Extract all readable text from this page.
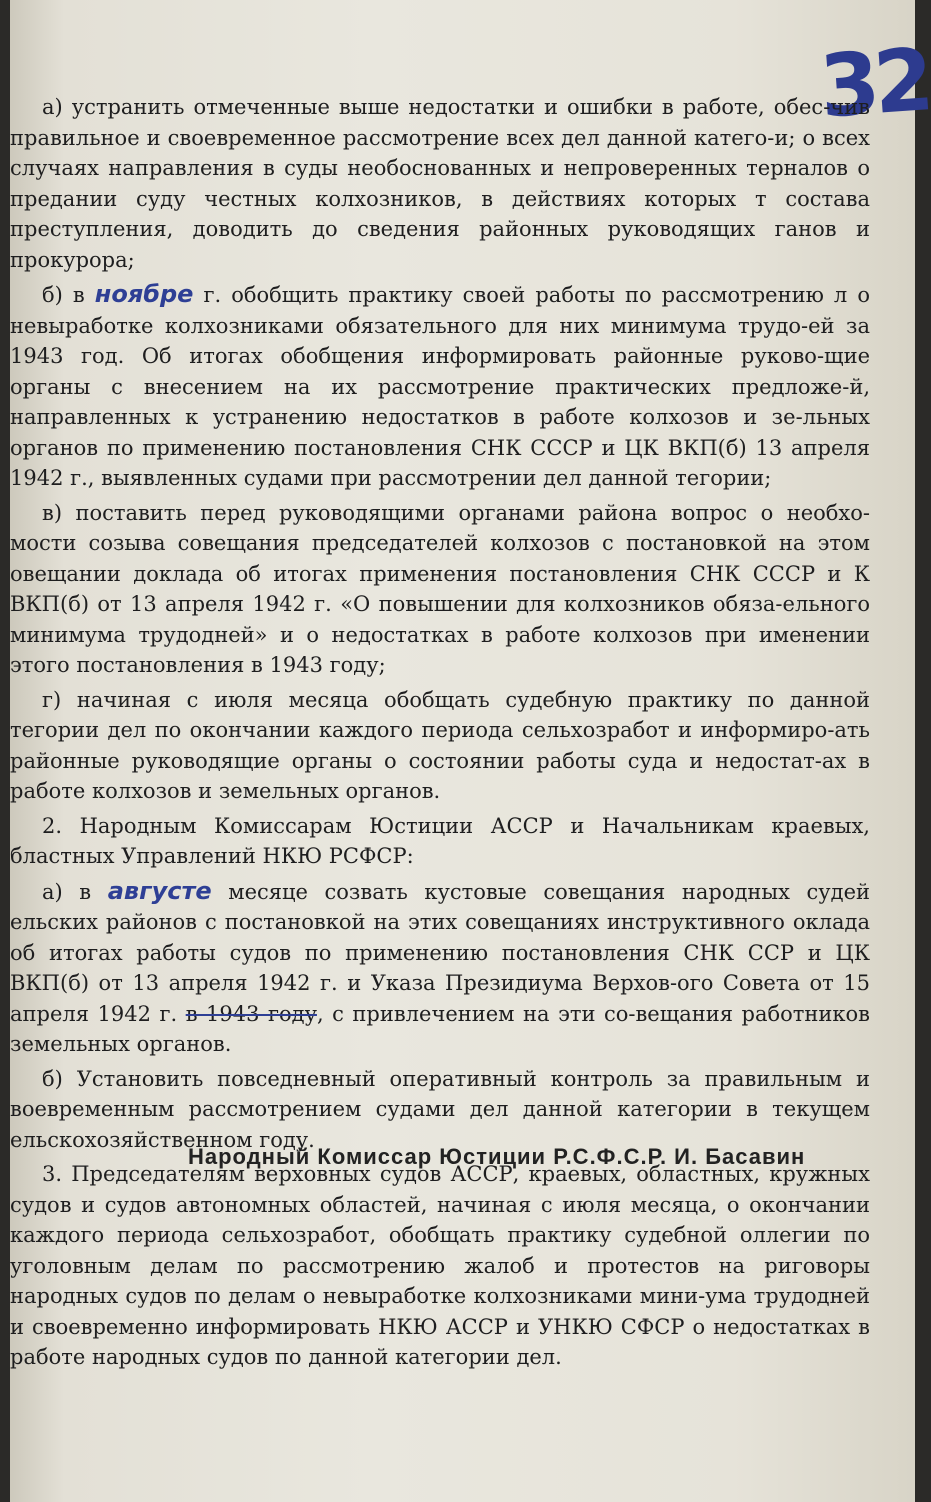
32

а) устранить отмеченные выше недостатки и ошибки в работе, обес-чив правильное и своевременное рассмотрение всех дел данной катего-и; о всех случаях направления в суды необоснованных и непроверенных терналов о предании суду честных колхозников, в действиях которых т состава преступления, доводить до сведения районных руководящих ганов и прокурора;

б) в ноябре г. обобщить практику своей работы по рассмотрению л о невыработке колхозниками обязательного для них минимума трудо-ей за 1943 год. Об итогах обобщения информировать районные руково-щие органы с внесением на их рассмотрение практических предложе-й, направленных к устранению недостатков в работе колхозов и зе-льных органов по применению постановления СНК СССР и ЦК ВКП(б) 13 апреля 1942 г., выявленных судами при рассмотрении дел данной тегории;

в) поставить перед руководящими органами района вопрос о необхо-мости созыва совещания председателей колхозов с постановкой на этом овещании доклада об итогах применения постановления СНК СССР и К ВКП(б) от 13 апреля 1942 г. «О повышении для колхозников обяза-ельного минимума трудодней» и о недостатках в работе колхозов при именении этого постановления в 1943 году;

г) начиная с июля месяца обобщать судебную практику по данной тегории дел по окончании каждого периода сельхозработ и информиро-ать районные руководящие органы о состоянии работы суда и недостат-ах в работе колхозов и земельных органов.

2. Народным Комиссарам Юстиции АССР и Начальникам краевых, бластных Управлений НКЮ РСФСР:

а) в августе месяце созвать кустовые совещания народных судей ельских районов с постановкой на этих совещаниях инструктивного оклада об итогах работы судов по применению постановления СНК ССР и ЦК ВКП(б) от 13 апреля 1942 г. и Указа Президиума Верхов-ого Совета от 15 апреля 1942 г. в 1943 году, с привлечением на эти со-вещания работников земельных органов.

б) Установить повседневный оперативный контроль за правильным и воевременным рассмотрением судами дел данной категории в текущем ельскохозяйственном году.

3. Председателям верховных судов АССР, краевых, областных, кружных судов и судов автономных областей, начиная с июля месяца, о окончании каждого периода сельхозработ, обобщать практику судебной оллегии по уголовным делам по рассмотрению жалоб и протестов на риговоры народных судов по делам о невыработке колхозниками мини-ума трудодней и своевременно информировать НКЮ АССР и УНКЮ СФСР о недостатках в работе народных судов по данной категории дел.

Народный Комиссар Юстиции Р.С.Ф.С.Р. И. Басавин
